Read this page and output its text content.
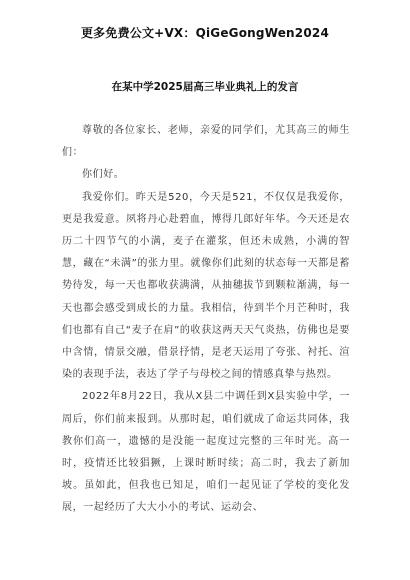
更多免费公文+VX：QiGeGongWen2024
在某中学2025届高三毕业典礼上的发言

尊敬的各位家长、老师，亲爱的同学们，尤其高三的师生们：

你们好。

我爱你们。昨天是520，今天是521，不仅仅是我爱你，更是我爱意。夙将丹心赴碧血，博得几郎好年华。今天还是农历二十四节气的小满，麦子在灌浆，但还未成熟，小满的智慧，藏在“未满”的张力里。就像你们此刻的状态每一天都是蓄势待发，每一天也都收获满满，从抽穗拔节到颗粒渐满，每一天也都会感受到成长的力量。我相信，待到半个月芒种时，我们也都有自己“麦子在肩”的收获这两天天气炎热，仿佛也是要中含情，情景交融，借景抒情，是老天运用了夸张、衬托、渲染的表现手法，表达了学子与母校之间的情感真挚与热烈。

2022年8月22日，我从X县二中调任到X县实验中学，一周后，你们前来报到。从那时起，咱们就成了命运共同体，我教你们高一，遗憾的是没能一起度过完整的三年时光。高一时，疫情还比较猖獗，上课时断时续；高二时，我去了新加坡。虽如此，但我也已知足，咱们一起见证了学校的变化发展，一起经历了大大小小的考试、运动会、
